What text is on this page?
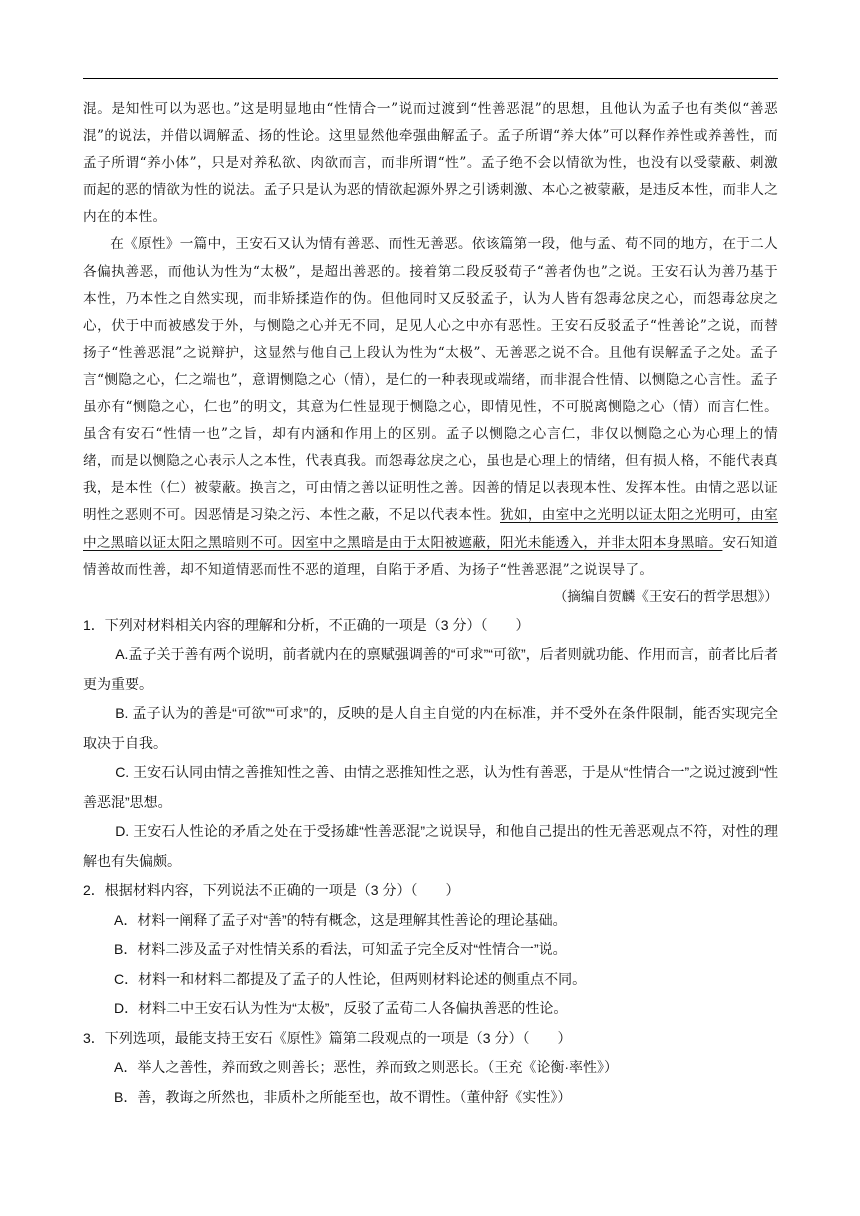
混。是知性可以为恶也。”这是明显地由“性情合一”说而过渡到“性善恶混”的思想，且他认为孟子也有类似“善恶混”的说法，并借以调解孟、扬的性论。这里显然他牵强曲解孟子。孟子所谓“养大体”可以释作养性或养善性，而孟子所谓“养小体”，只是对养私欲、肉欲而言，而非所谓“性”。孟子绝不会以情欲为性，也没有以受蒙蔽、刺激而起的恶的情欲为性的说法。孟子只是认为恶的情欲起源外界之引诱刺激、本心之被蒙蔽，是违反本性，而非人之内在的本性。

在《原性》一篇中，王安石又认为情有善恶、而性无善恶。依该篇第一段，他与孟、荀不同的地方，在于二人各偏执善恶，而他认为性为“太极”，是超出善恶的。接着第二段反驳荀子“善者伪也”之说。王安石认为善乃基于本性，乃本性之自然实现，而非矫揉造作的伪。但他同时又反驳孟子，认为人皆有怨毒忿戾之心，而怨毒忿戾之心，伏于中而被感发于外，与恻隐之心并无不同，足见人心之中亦有恶性。王安石反驳孟子“性善论”之说，而替扬子“性善恶混”之说辩护，这显然与他自己上段认为性为“太极”、无善恶之说不合。且他有误解孟子之处。孟子言“恻隐之心，仁之端也”，意谓恻隐之心（情），是仁的一种表现或端绪，而非混合性情、以恻隐之心言性。孟子虽亦有“恻隐之心，仁也”的明文，其意为仁性显现于恻隐之心，即情见性，不可脱离恻隐之心（情）而言仁性。虽含有安石“性情一也”之旨，却有内涵和作用上的区别。孟子以恻隐之心言仁，非仅以恻隐之心为心理上的情绪，而是以恻隐之心表示人之本性，代表真我。而怨毒忿戾之心，虽也是心理上的情绪，但有损人格，不能代表真我，是本性（仁）被蒙蔽。换言之，可由情之善以证明性之善。因善的情足以表现本性、发挥本性。由情之恶以证明性之恶则不可。因恶情是习染之污、本性之蔽，不足以代表本性。犹如，由室中之光明以证太阳之光明可，由室中之黑暗以证太阳之黑暗则不可。因室中之黑暗是由于太阳被遮蔽，阳光未能透入，并非太阳本身黑暗。安石知道情善故而性善，却不知道情恶而性不恶的道理，自陷于矛盾、为扬子“性善恶混”之说误导了。

（摘编自贺麟《王安石的哲学思想》）

1．下列对材料相关内容的理解和分析，不正确的一项是（3 分）（　　）

A.孟子关于善有两个说明，前者就内在的禀赋强调善的“可求”“可欲”，后者则就功能、作用而言，前者比后者更为重要。

B. 孟子认为的善是“可欲”“可求”的，反映的是人自主自觉的内在标准，并不受外在条件限制，能否实现完全取决于自我。

C. 王安石认同由情之善推知性之善、由情之恶推知性之恶，认为性有善恶，于是从“性情合一”之说过渡到“性善恶混”思想。

D. 王安石人性论的矛盾之处在于受扬雄“性善恶混”之说误导，和他自己提出的性无善恶观点不符，对性的理解也有失偏颇。

2．根据材料内容，下列说法不正确的一项是（3 分）（　　）

A．材料一阐释了孟子对“善”的特有概念，这是理解其性善论的理论基础。

B．材料二涉及孟子对性情关系的看法，可知孟子完全反对“性情合一”说。

C．材料一和材料二都提及了孟子的人性论，但两则材料论述的侧重点不同。

D．材料二中王安石认为性为“太极”，反驳了孟荀二人各偏执善恶的性论。

3．下列选项，最能支持王安石《原性》篇第二段观点的一项是（3 分）（　　）

A．举人之善性，养而致之则善长；恶性，养而致之则恶长。（王充《论衡·率性》）

B．善，教诲之所然也，非质朴之所能至也，故不谓性。（董仲舒《实性》）
